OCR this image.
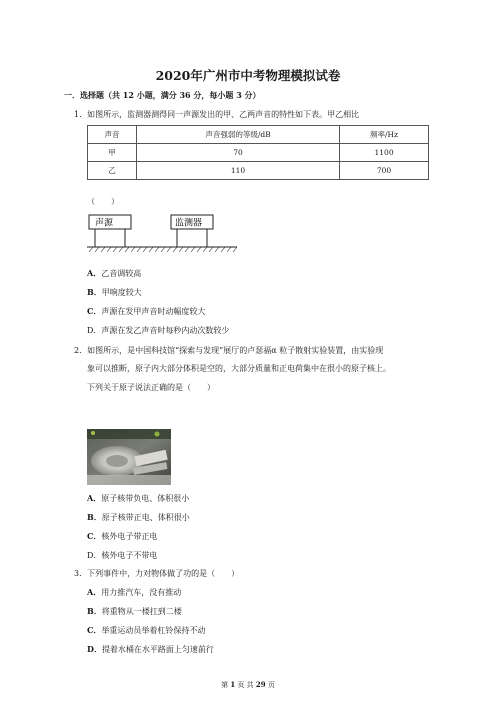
2020年广州市中考物理模拟试卷
一．选择题（共 12 小题，满分 36 分，每小题 3 分）
1．如图所示，监测器测得同一声源发出的甲、乙两声音的特性如下表。甲乙相比
声音	声音强弱的等级/dB	频率/Hz
甲	70	1100
乙	110	700
（　　）
声源	监测器
A．乙音调较高
B．甲响度较大
C．声源在发甲声音时动幅度较大
D．声源在发乙声音时每秒内动次数较少
2．如图所示，是中国科技馆“探索与发现”展厅的卢瑟福α 粒子散射实验装置，由实验现
象可以推断，原子内大部分体积是空的，大部分质量和正电荷集中在很小的原子核上。
下列关于原子说法正确的是（　　）
A．原子核带负电、体积很小
B．原子核带正电、体积很小
C．核外电子带正电
D．核外电子不带电
3．下列事件中，力对物体做了功的是（　　）
A．用力推汽车，没有推动
B．将重物从一楼扛到二楼
C．举重运动员举着杠铃保持不动
D．提着水桶在水平路面上匀速前行
第 1 页 共 29 页
